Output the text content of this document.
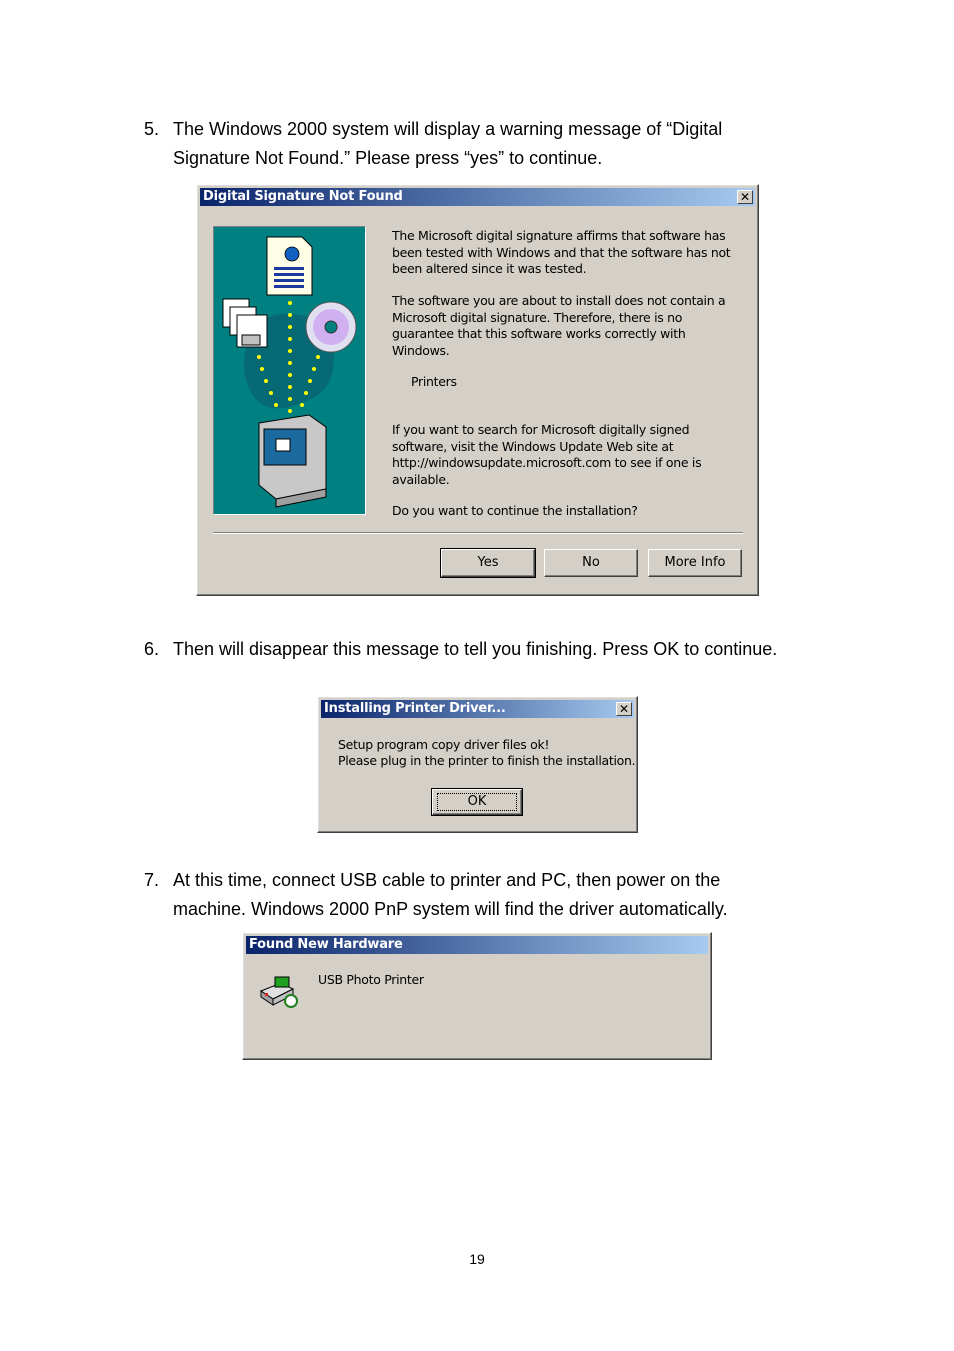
5. The Windows 2000 system will display a warning message of “Digital Signature Not Found.” Please press “yes” to continue.
Digital Signature Not Found	✕
The Microsoft digital signature affirms that software has been tested with Windows and that the software has not been altered since it was tested.
The software you are about to install does not contain a Microsoft digital signature. Therefore, there is no guarantee that this software works correctly with Windows.
Printers
If you want to search for Microsoft digitally signed software, visit the Windows Update Web site at http://windowsupdate.microsoft.com to see if one is available.
Do you want to continue the installation?
Yes	No	More Info
6. Then will disappear this message to tell you finishing. Press OK to continue.
Installing Printer Driver...	✕
Setup program copy driver files ok!
Please plug in the printer to finish the installation.
OK
7. At this time, connect USB cable to printer and PC, then power on the machine. Windows 2000 PnP system will find the driver automatically.
Found New Hardware
USB Photo Printer
19
